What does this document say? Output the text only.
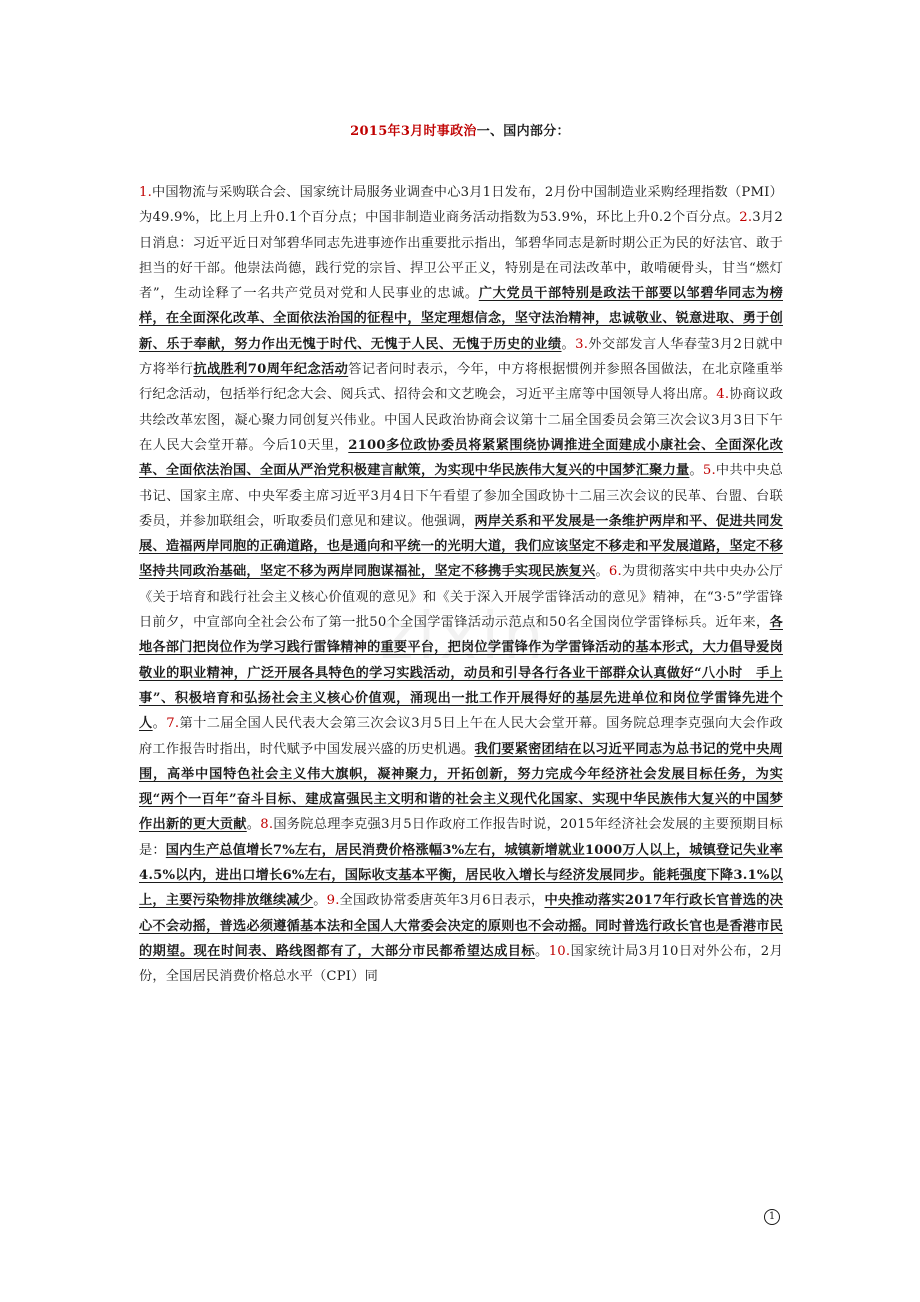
zixin
2015年3月时事政治一、国内部分：
1.中国物流与采购联合会、国家统计局服务业调查中心3月1日发布，2月份中国制造业采购经理指数（PMI）为49.9%，比上月上升0.1个百分点；中国非制造业商务活动指数为53.9%，环比上升0.2个百分点。2.3月2日消息：习近平近日对邹碧华同志先进事迹作出重要批示指出，邹碧华同志是新时期公正为民的好法官、敢于担当的好干部。他崇法尚德，践行党的宗旨、捍卫公平正义，特别是在司法改革中，敢啃硬骨头，甘当“燃灯者”，生动诠释了一名共产党员对党和人民事业的忠诚。广大党员干部特别是政法干部要以邹碧华同志为榜样，在全面深化改革、全面依法治国的征程中，坚定理想信念，坚守法治精神，忠诚敬业、锐意进取、勇于创新、乐于奉献，努力作出无愧于时代、无愧于人民、无愧于历史的业绩。3.外交部发言人华春莹3月2日就中方将举行抗战胜利70周年纪念活动答记者问时表示，今年，中方将根据惯例并参照各国做法，在北京隆重举行纪念活动，包括举行纪念大会、阅兵式、招待会和文艺晚会，习近平主席等中国领导人将出席。4.协商议政共绘改革宏图，凝心聚力同创复兴伟业。中国人民政治协商会议第十二届全国委员会第三次会议3月3日下午在人民大会堂开幕。今后10天里，2100多位政协委员将紧紧围绕协调推进全面建成小康社会、全面深化改革、全面依法治国、全面从严治党积极建言献策，为实现中华民族伟大复兴的中国梦汇聚力量。5.中共中央总书记、国家主席、中央军委主席习近平3月4日下午看望了参加全国政协十二届三次会议的民革、台盟、台联委员，并参加联组会，听取委员们意见和建议。他强调，两岸关系和平发展是一条维护两岸和平、促进共同发展、造福两岸同胞的正确道路，也是通向和平统一的光明大道，我们应该坚定不移走和平发展道路，坚定不移坚持共同政治基础，坚定不移为两岸同胞谋福祉，坚定不移携手实现民族复兴。6.为贯彻落实中共中央办公厅《关于培育和践行社会主义核心价值观的意见》和《关于深入开展学雷锋活动的意见》精神，在“3·5”学雷锋日前夕，中宣部向全社会公布了第一批50个全国学雷锋活动示范点和50名全国岗位学雷锋标兵。近年来，各地各部门把岗位作为学习践行雷锋精神的重要平台，把岗位学雷锋作为学雷锋活动的基本形式，大力倡导爱岗敬业的职业精神，广泛开展各具特色的学习实践活动，动员和引导各行各业干部群众认真做好“八小时　手上事”、积极培育和弘扬社会主义核心价值观，涌现出一批工作开展得好的基层先进单位和岗位学雷锋先进个人。7.第十二届全国人民代表大会第三次会议3月5日上午在人民大会堂开幕。国务院总理李克强向大会作政府工作报告时指出，时代赋予中国发展兴盛的历史机遇。我们要紧密团结在以习近平同志为总书记的党中央周围，高举中国特色社会主义伟大旗帜，凝神聚力，开拓创新，努力完成今年经济社会发展目标任务，为实现“两个一百年”奋斗目标、建成富强民主文明和谐的社会主义现代化国家、实现中华民族伟大复兴的中国梦作出新的更大贡献。8.国务院总理李克强3月5日作政府工作报告时说，2015年经济社会发展的主要预期目标是：国内生产总值增长7%左右，居民消费价格涨幅3%左右，城镇新增就业1000万人以上，城镇登记失业率4.5%以内，进出口增长6%左右，国际收支基本平衡，居民收入增长与经济发展同步。能耗强度下降3.1%以上，主要污染物排放继续减少。9.全国政协常委唐英年3月6日表示，中央推动落实2017年行政长官普选的决心不会动摇，普选必须遵循基本法和全国人大常委会决定的原则也不会动摇。同时普选行政长官也是香港市民的期望。现在时间表、路线图都有了，大部分市民都希望达成目标。10.国家统计局3月10日对外公布，2月份，全国居民消费价格总水平（CPI）同
1
